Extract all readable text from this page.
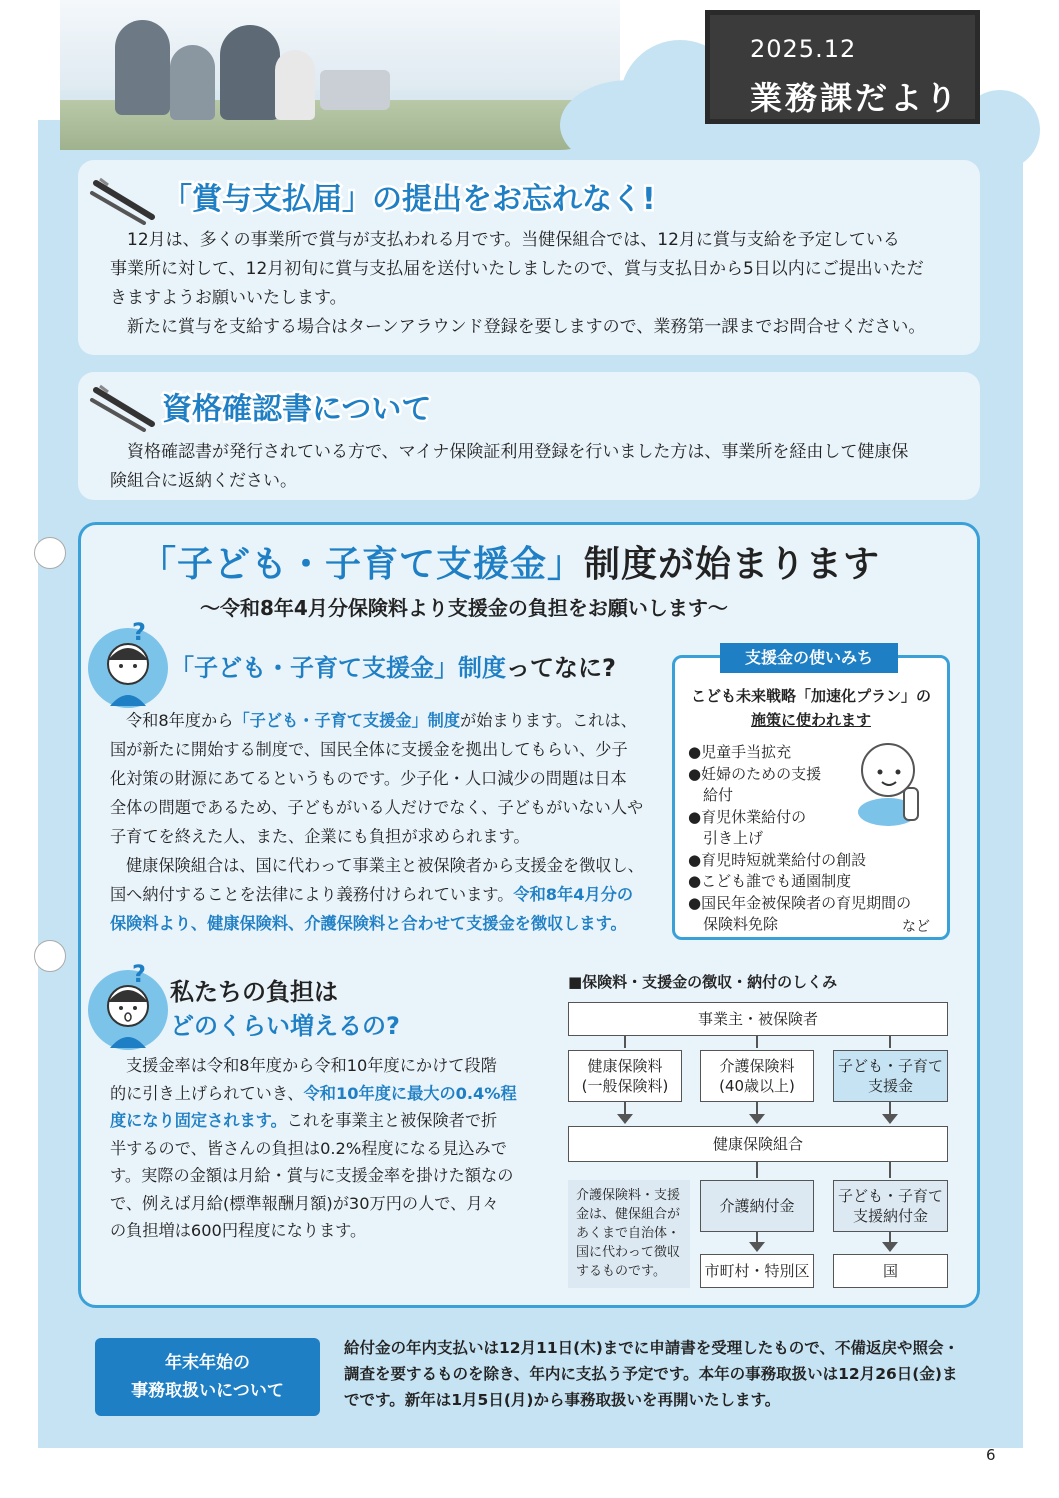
2025.12
業務課だより
「賞与支払届」の提出をお忘れなく!
12月は、多くの事業所で賞与が支払われる月です。当健保組合では、12月に賞与支給を予定している
事業所に対して、12月初旬に賞与支払届を送付いたしましたので、賞与支払日から5日以内にご提出いただ
きますようお願いいたします。
新たに賞与を支給する場合はターンアラウンド登録を要しますので、業務第一課までお問合せください。
資格確認書について
資格確認書が発行されている方で、マイナ保険証利用登録を行いました方は、事業所を経由して健康保
険組合に返納ください。
「子ども・子育て支援金」制度が始まります
～令和8年4月分保険料より支援金の負担をお願いします～
?
「子ども・子育て支援金」制度ってなに?
令和8年度から「子ども・子育て支援金」制度が始まります。これは、
国が新たに開始する制度で、国民全体に支援金を拠出してもらい、少子
化対策の財源にあてるというものです。少子化・人口減少の問題は日本
全体の問題であるため、子どもがいる人だけでなく、子どもがいない人や
子育てを終えた人、また、企業にも負担が求められます。
健康保険組合は、国に代わって事業主と被保険者から支援金を徴収し、
国へ納付することを法律により義務付けられています。令和8年4月分の
保険料より、健康保険料、介護保険料と合わせて支援金を徴収します。
支援金の使いみち
こども未来戦略「加速化プラン」の
施策に使われます
●児童手当拡充
●妊婦のための支援
　給付
●育児休業給付の
　引き上げ
●育児時短就業給付の創設
●こども誰でも通園制度
●国民年金被保険者の育児期間の
　保険料免除	など
?
私たちの負担は
どのくらい増えるの?
支援金率は令和8年度から令和10年度にかけて段階
的に引き上げられていき、令和10年度に最大の0.4%程
度になり固定されます。これを事業主と被保険者で折
半するので、皆さんの負担は0.2%程度になる見込みで
す。実際の金額は月給・賞与に支援金率を掛けた額なの
で、例えば月給(標準報酬月額)が30万円の人で、月々
の負担増は600円程度になります。
■保険料・支援金の徴収・納付のしくみ
事業主・被保険者
健康保険料
(一般保険料)
介護保険料
(40歳以上)
子ども・子育て
支援金
健康保険組合
介護保険料・支援金は、健保組合があくまで自治体・国に代わって徴収するものです。
介護納付金
子ども・子育て
支援納付金
市町村・特別区	国
年末年始の
事務取扱いについて
給付金の年内支払いは12月11日(木)までに申請書を受理したもので、不備返戻や照会・調査を要するものを除き、年内に支払う予定です。本年の事務取扱いは12月26日(金)までです。新年は1月5日(月)から事務取扱いを再開いたします。
6
